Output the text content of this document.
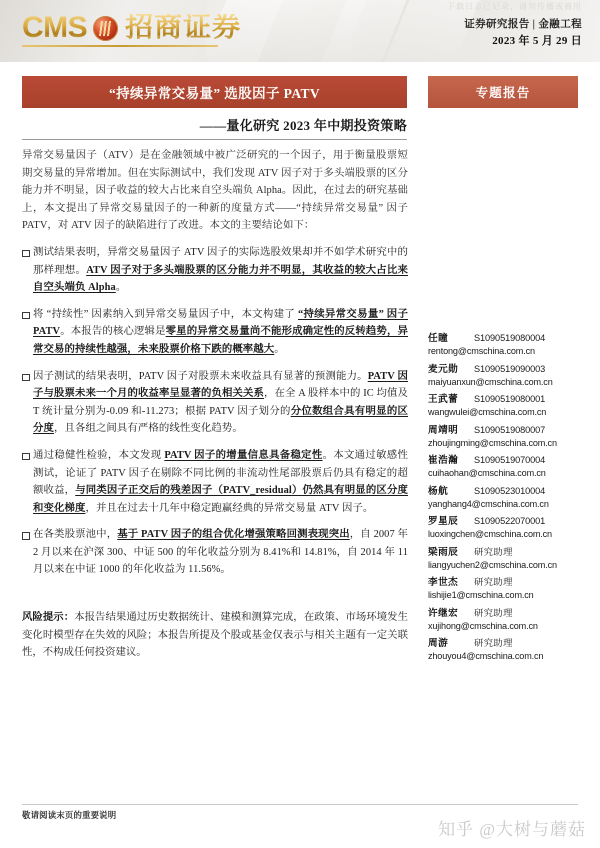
下载日志已记录，请勿传播或商用
CMS 招商证券	证券研究报告 | 金融工程
2023 年 5 月 29 日
“持续异常交易量” 选股因子 PATV	专题报告
——量化研究 2023 年中期投资策略

异常交易量因子（ATV）是在金融领域中被广泛研究的一个因子，用于衡量股票短期交易量的异常增加。但在实际测试中，我们发现 ATV 因子对于多头端股票的区分能力并不明显，因子收益的较大占比来自空头端负 Alpha。因此，在过去的研究基础上，本文提出了异常交易量因子的一种新的度量方式——“持续异常交易量” 因子 PATV，对 ATV 因子的缺陷进行了改进。本文的主要结论如下：

测试结果表明，异常交易量因子 ATV 因子的实际选股效果却并不如学术研究中的那样理想。ATV 因子对于多头端股票的区分能力并不明显，其收益的较大占比来自空头端负 Alpha。

将 “持续性” 因素纳入到异常交易量因子中，本文构建了 “持续异常交易量” 因子 PATV。本报告的核心逻辑是零星的异常交易量尚不能形成确定性的反转趋势，异常交易的持续性越强，未来股票价格下跌的概率越大。

因子测试的结果表明，PATV 因子对股票未来收益具有显著的预测能力。PATV 因子与股票未来一个月的收益率呈显著的负相关关系，在全 A 股样本中的 IC 均值及 T 统计量分别为-0.09 和-11.273；根据 PATV 因子划分的分位数组合具有明显的区分度，且各组之间具有严格的线性变化趋势。

通过稳健性检验，本文发现 PATV 因子的增量信息具备稳定性。本文通过敏感性测试，论证了 PATV 因子在剔除不同比例的非流动性尾部股票后仍具有稳定的超额收益，与同类因子正交后的残差因子（PATV_residual）仍然具有明显的区分度和变化梯度，并且在过去十几年中稳定跑赢经典的异常交易量 ATV 因子。

在各类股票池中，基于 PATV 因子的组合优化增强策略回测表现突出，自 2007 年 2 月以来在沪深 300、中证 500 的年化收益分别为 8.41%和 14.81%，自 2014 年 11 月以来在中证 1000 的年化收益为 11.56%。

风险提示：本报告结果通过历史数据统计、建模和测算完成，在政策、市场环境发生变化时模型存在失效的风险；本报告所提及个股或基金仅表示与相关主题有一定关联性，不构成任何投资建议。

任瞳	S1090519080004
rentong@cmschina.com.cn
麦元勋	S1090519090003
maiyuanxun@cmschina.com.cn
王武蕾	S1090519080001
wangwulei@cmschina.com.cn
周靖明	S1090519080007
zhoujingming@cmschina.com.cn
崔浩瀚	S1090519070004
cuihaohan@cmschina.com.cn
杨航	S1090523010004
yanghang4@cmschina.com.cn
罗星辰	S1090522070001
luoxingchen@cmschina.com.cn
梁雨辰	研究助理
liangyuchen2@cmschina.com.cn
李世杰	研究助理
lishijie1@cmschina.com.cn
许继宏	研究助理
xujihong@cmschina.com.cn
周游	研究助理
zhouyou4@cmschina.com.cn
敬请阅读末页的重要说明
知乎 @大树与蘑菇
